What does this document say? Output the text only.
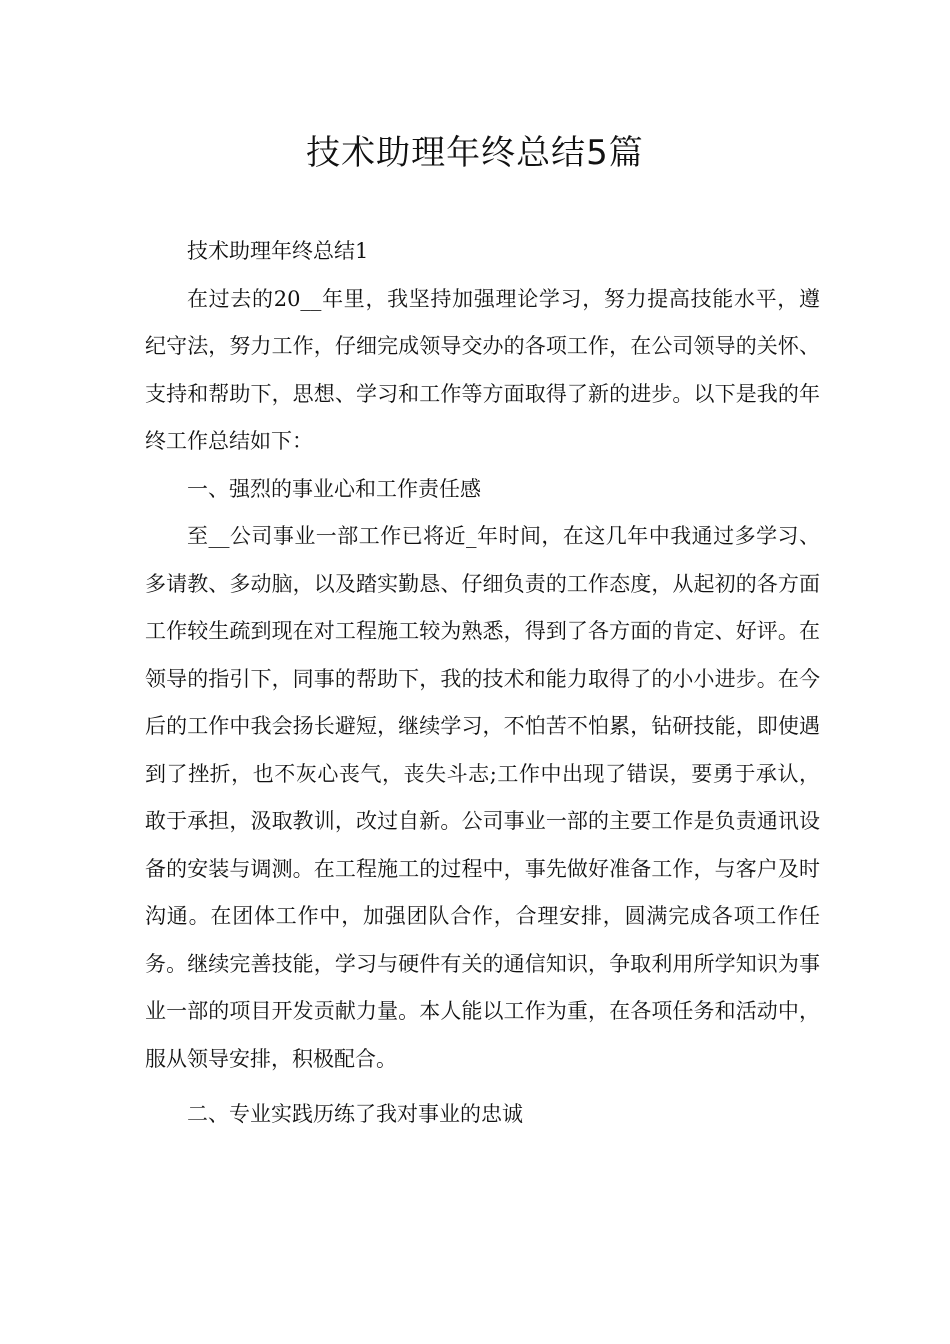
技术助理年终总结5篇

技术助理年终总结1

在过去的20__年里，我坚持加强理论学习，努力提高技能水平，遵纪守法，努力工作，仔细完成领导交办的各项工作，在公司领导的关怀、支持和帮助下，思想、学习和工作等方面取得了新的进步。以下是我的年终工作总结如下：

一、强烈的事业心和工作责任感

至__公司事业一部工作已将近_年时间，在这几年中我通过多学习、多请教、多动脑，以及踏实勤恳、仔细负责的工作态度，从起初的各方面工作较生疏到现在对工程施工较为熟悉，得到了各方面的肯定、好评。在领导的指引下，同事的帮助下，我的技术和能力取得了的小小进步。在今后的工作中我会扬长避短，继续学习，不怕苦不怕累，钻研技能，即使遇到了挫折，也不灰心丧气，丧失斗志;工作中出现了错误，要勇于承认，敢于承担，汲取教训，改过自新。公司事业一部的主要工作是负责通讯设备的安装与调测。在工程施工的过程中，事先做好准备工作，与客户及时沟通。在团体工作中，加强团队合作，合理安排，圆满完成各项工作任务。继续完善技能，学习与硬件有关的通信知识，争取利用所学知识为事业一部的项目开发贡献力量。本人能以工作为重，在各项任务和活动中，服从领导安排，积极配合。

二、专业实践历练了我对事业的忠诚
